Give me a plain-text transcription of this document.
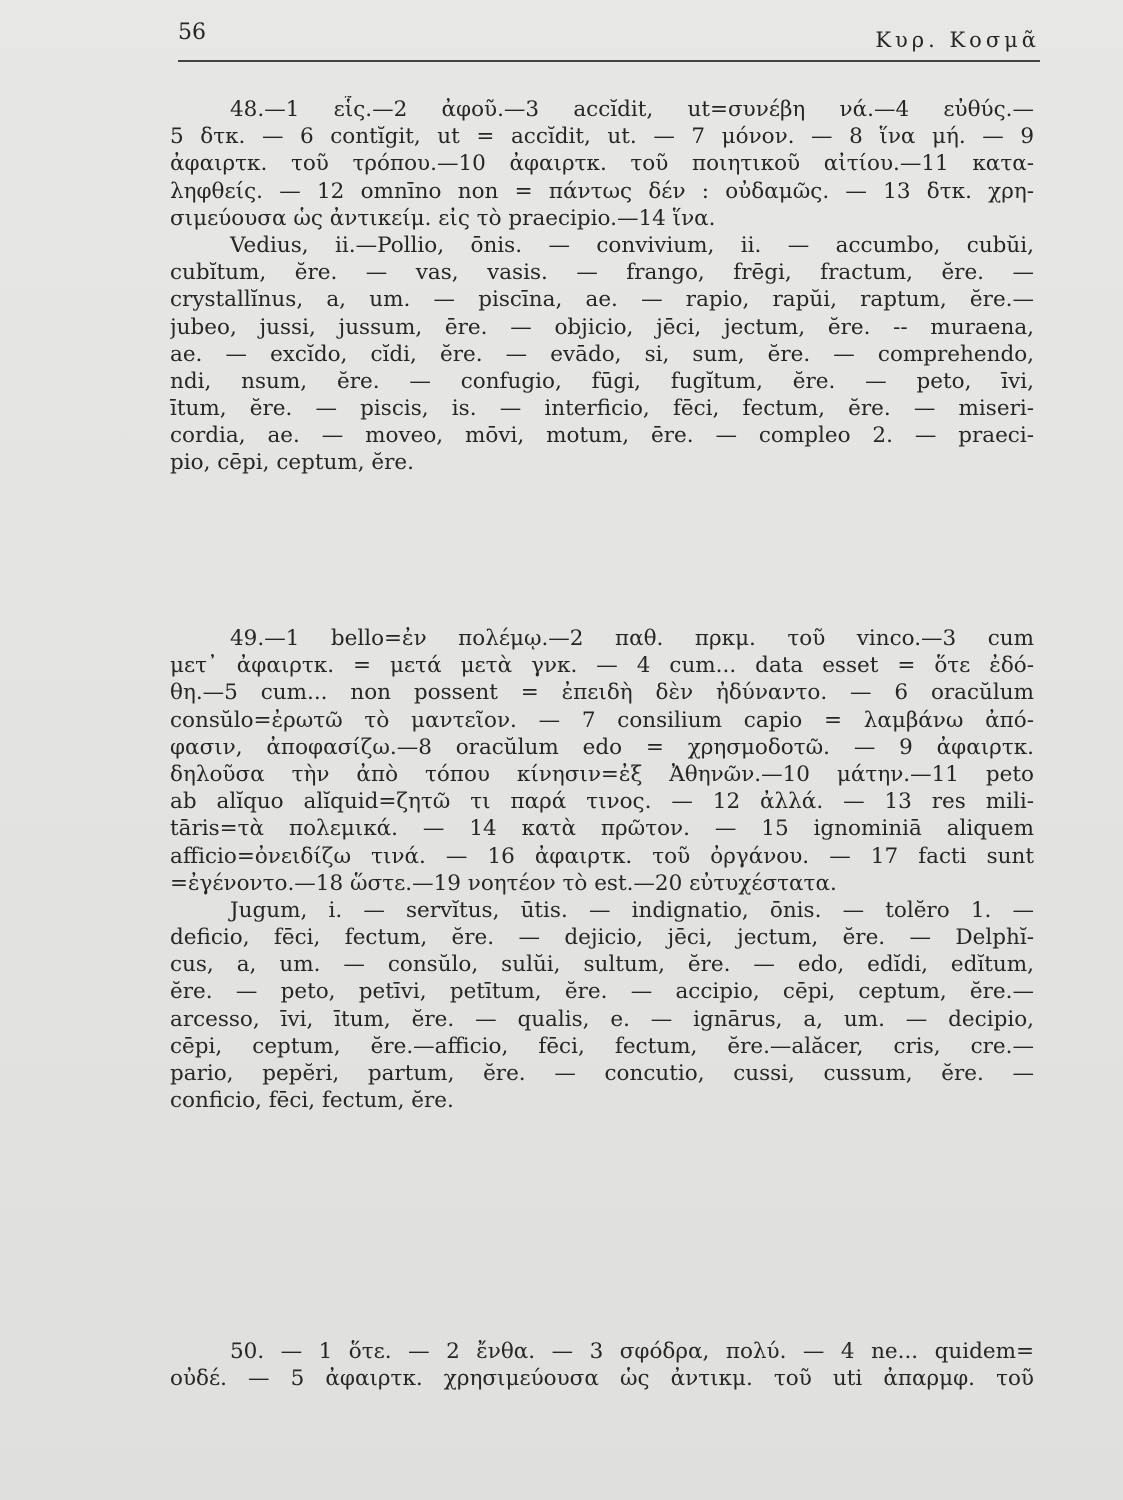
56	Κυρ. Κοσμᾶ
48.—1 εἷς.—2 ἀφοῦ.—3 accĭdit, ut=συνέβη νά.—4 εὐθύς.—
5 δτκ. — 6 contĭgit, ut = accĭdit, ut. — 7 μόνον. — 8 ἵνα μή. — 9
ἀφαιρτκ. τοῦ τρόπου.—10 ἀφαιρτκ. τοῦ ποιητικοῦ αἰτίου.—11 κατα-
ληφθείς. — 12 omnīno non = πάντως δέν : οὐδαμῶς. — 13 δτκ. χρη-
σιμεύουσα ὡς ἀντικείμ. εἰς τὸ praecipio.—14 ἵνα.
Vedius, ii.—Pollio, ōnis. — convivium, ii. — accumbo, cubŭi,
cubĭtum, ĕre. — vas, vasis. — frango, frēgi, fractum, ĕre. —
crystallĭnus, a, um. — piscīna, ae. — rapio, rapŭi, raptum, ĕre.—
jubeo, jussi, jussum, ēre. — objicio, jēci, jectum, ĕre. -- muraena,
ae. — excĭdo, cĭdi, ĕre. — evādo, si, sum, ĕre. — comprehendo,
ndi, nsum, ĕre. — confugio, fūgi, fugĭtum, ĕre. — peto, īvi,
ītum, ĕre. — piscis, is. — interficio, fēci, fectum, ĕre. — miseri-
cordia, ae. — moveo, mōvi, motum, ēre. — compleo 2. — praeci-
pio, cēpi, ceptum, ĕre.
49.—1 bello=ἐν πολέμῳ.—2 παθ. πρκμ. τοῦ vinco.—3 cum
μετ᾽ ἀφαιρτκ. = μετά μετὰ γνκ. — 4 cum... data esset = ὅτε ἐδό-
θη.—5 cum... non possent = ἐπειδὴ δὲν ἠδύναντο. — 6 oracŭlum
consŭlo=ἐρωτῶ τὸ μαντεῖον. — 7 consilium capio = λαμβάνω ἀπό-
φασιν, ἀποφασίζω.—8 oracŭlum edo = χρησμοδοτῶ. — 9 ἀφαιρτκ.
δηλοῦσα τὴν ἀπὸ τόπου κίνησιν=ἐξ Ἀθηνῶν.—10 μάτην.—11 peto
ab alĭquo alĭquid=ζητῶ τι παρά τινος. — 12 ἀλλά. — 13 res mili-
tāris=τὰ πολεμικά. — 14 κατὰ πρῶτον. — 15 ignominiā aliquem
afficio=ὀνειδίζω τινά. — 16 ἀφαιρτκ. τοῦ ὀργάνου. — 17 facti sunt
=ἐγένοντο.—18 ὥστε.—19 νοητέον τὸ est.—20 εὐτυχέστατα.
Jugum, i. — servĭtus, ūtis. — indignatio, ōnis. — tolĕro 1. —
deficio, fēci, fectum, ĕre. — dejicio, jēci, jectum, ĕre. — Delphĭ-
cus, a, um. — consŭlo, sulŭi, sultum, ĕre. — edo, edĭdi, edĭtum,
ĕre. — peto, petīvi, petītum, ĕre. — accipio, cēpi, ceptum, ĕre.—
arcesso, īvi, ītum, ĕre. — qualis, e. — ignārus, a, um. — decipio,
cēpi, ceptum, ĕre.—afficio, fēci, fectum, ĕre.—alăcer, cris, cre.—
pario, pepĕri, partum, ĕre. — concutio, cussi, cussum, ĕre. —
conficio, fēci, fectum, ĕre.
50. — 1 ὅτε. — 2 ἔνθα. — 3 σφόδρα, πολύ. — 4 ne... quidem=
οὐδέ. — 5 ἀφαιρτκ. χρησιμεύουσα ὡς ἀντικμ. τοῦ uti ἀπαρμφ. τοῦ
